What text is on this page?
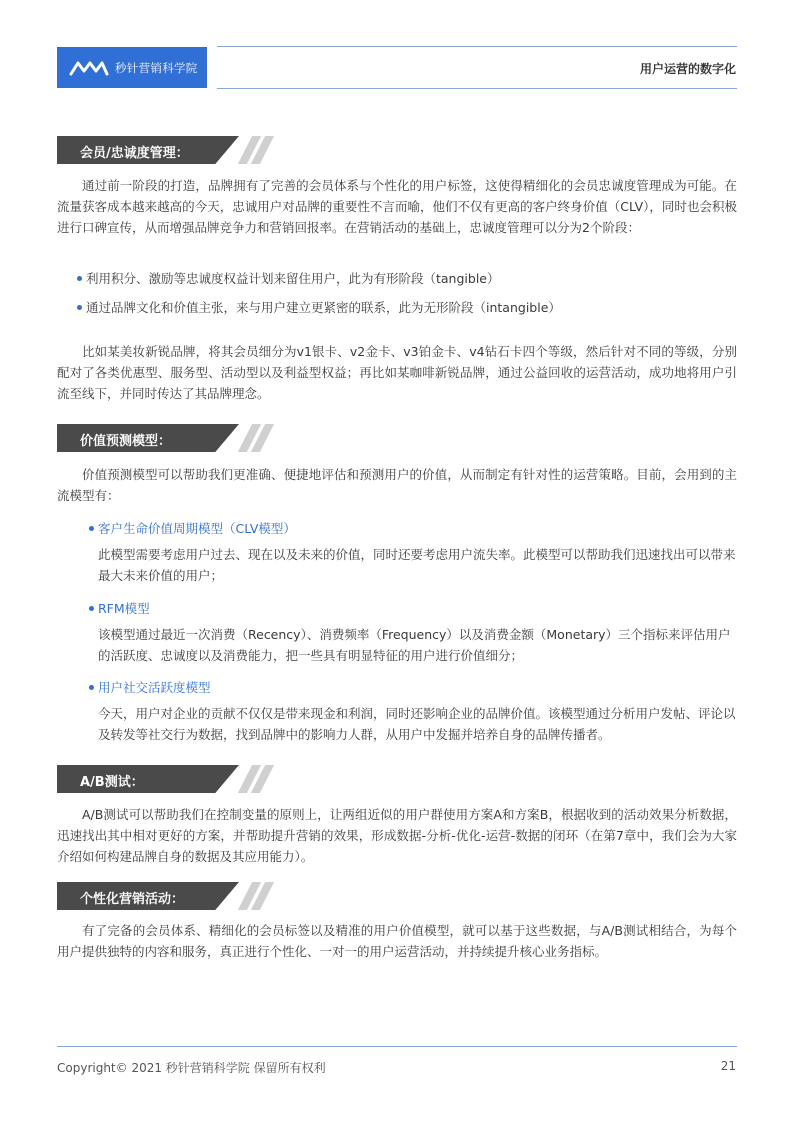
秒针营销科学院	用户运营的数字化
会员/忠诚度管理：

通过前一阶段的打造，品牌拥有了完善的会员体系与个性化的用户标签，这使得精细化的会员忠诚度管理成为可能。在流量获客成本越来越高的今天，忠诚用户对品牌的重要性不言而喻，他们不仅有更高的客户终身价值（CLV），同时也会积极进行口碑宣传，从而增强品牌竞争力和营销回报率。在营销活动的基础上，忠诚度管理可以分为2个阶段：

利用积分、激励等忠诚度权益计划来留住用户，此为有形阶段（tangible）
通过品牌文化和价值主张，来与用户建立更紧密的联系，此为无形阶段（intangible）

比如某美妆新锐品牌，将其会员细分为v1银卡、v2金卡、v3铂金卡、v4钻石卡四个等级，然后针对不同的等级，分别配对了各类优惠型、服务型、活动型以及利益型权益；再比如某咖啡新锐品牌，通过公益回收的运营活动，成功地将用户引流至线下，并同时传达了其品牌理念。

价值预测模型：

价值预测模型可以帮助我们更准确、便捷地评估和预测用户的价值，从而制定有针对性的运营策略。目前，会用到的主流模型有：

客户生命价值周期模型（CLV模型）

此模型需要考虑用户过去、现在以及未来的价值，同时还要考虑用户流失率。此模型可以帮助我们迅速找出可以带来最大未来价值的用户；

RFM模型

该模型通过最近一次消费（Recency）、消费频率（Frequency）以及消费金额（Monetary）三个指标来评估用户的活跃度、忠诚度以及消费能力，把一些具有明显特征的用户进行价值细分；

用户社交活跃度模型

今天，用户对企业的贡献不仅仅是带来现金和利润，同时还影响企业的品牌价值。该模型通过分析用户发帖、评论以及转发等社交行为数据，找到品牌中的影响力人群，从用户中发掘并培养自身的品牌传播者。

A/B测试：

A/B测试可以帮助我们在控制变量的原则上，让两组近似的用户群使用方案A和方案B，根据收到的活动效果分析数据，迅速找出其中相对更好的方案，并帮助提升营销的效果，形成数据-分析-优化-运营-数据的闭环（在第7章中，我们会为大家介绍如何构建品牌自身的数据及其应用能力）。

个性化营销活动：

有了完备的会员体系、精细化的会员标签以及精准的用户价值模型，就可以基于这些数据，与A/B测试相结合，为每个用户提供独特的内容和服务，真正进行个性化、一对一的用户运营活动，并持续提升核心业务指标。

Copyright© 2021 秒针营销科学院 保留所有权利	21
